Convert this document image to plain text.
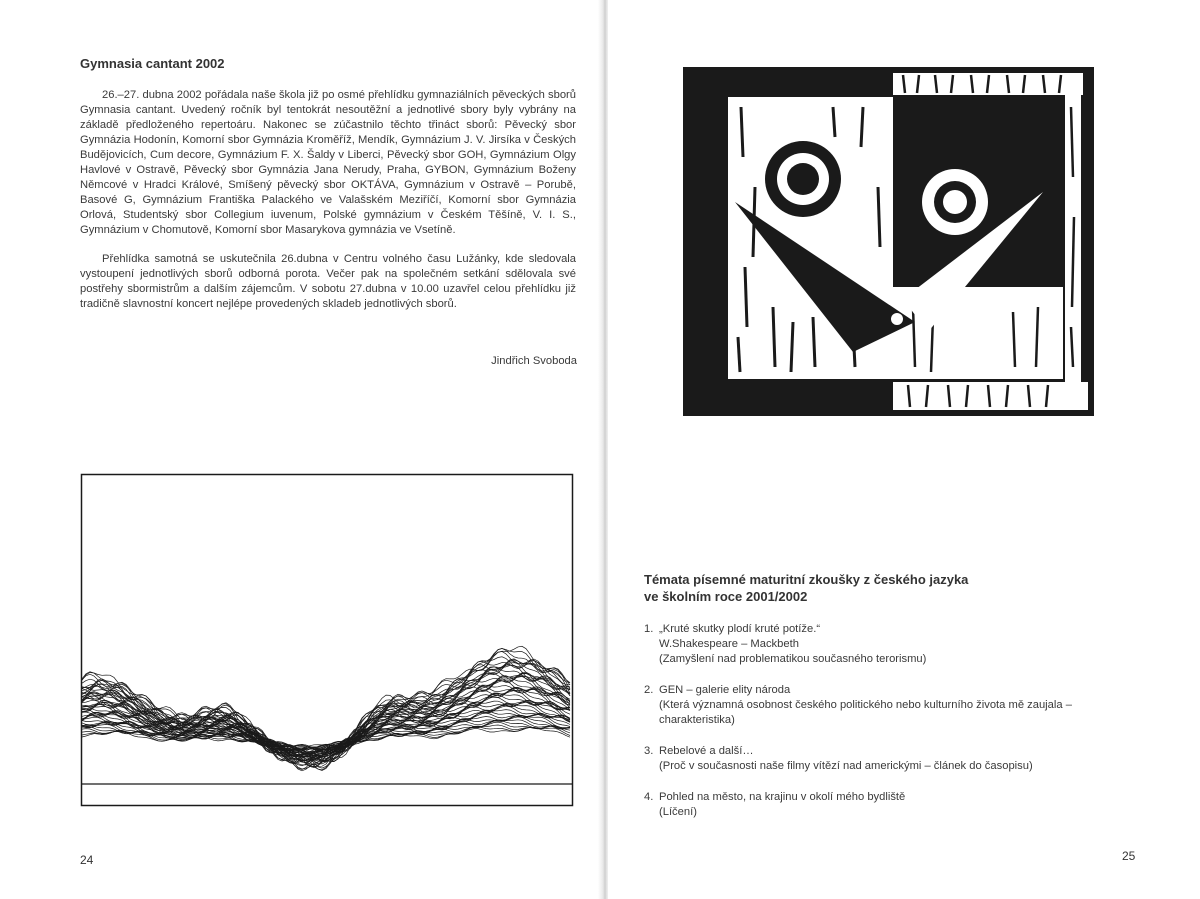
Gymnasia cantant 2002

26.–27. dubna 2002 pořádala naše škola již po osmé přehlídku gymnaziálních pěveckých sborů Gymnasia cantant. Uvedený ročník byl tentokrát nesoutěžní a jednotlivé sbory byly vybrány na základě předloženého repertoáru. Nakonec se zúčastnilo těchto třináct sborů: Pěvecký sbor Gymnázia Hodonín, Komorní sbor Gymnázia Kroměříž, Mendík, Gymnázium J. V. Jirsíka v Českých Budějovicích, Cum decore, Gymnázium F. X. Šaldy v Liberci, Pěvecký sbor GOH, Gymnázium Olgy Havlové v Ostravě, Pěvecký sbor Gymnázia Jana Nerudy, Praha, GYBON, Gymnázium Boženy Němcové v Hradci Králové, Smíšený pěvecký sbor OKTÁVA, Gymnázium v Ostravě – Porubě, Basové G, Gymnázium Františka Palackého ve Valašském Meziříčí, Komorní sbor Gymnázia Orlová, Studentský sbor Collegium iuvenum, Polské gymnázium v Českém Těšíně, V. I. S., Gymnázium v Chomutově, Komorní sbor Masarykova gymnázia ve Vsetíně.

Přehlídka samotná se uskutečnila 26.dubna v Centru volného času Lužánky, kde sledovala vystoupení jednotlivých sborů odborná porota. Večer pak na společném setkání sdělovala své postřehy sbormistrům a dalším zájemcům. V sobotu 27.dubna v 10.00 uzavřel celou přehlídku již tradičně slavnostní koncert nejlépe provedených skladeb jednotlivých sborů.

Jindřich Svoboda
24
Témata písemné maturitní zkoušky z českého jazyka
ve školním roce 2001/2002
1. „Kruté skutky plodí kruté potíže.“
W.Shakespeare – Mackbeth
(Zamyšlení nad problematikou současného terorismu)
2. GEN – galerie elity národa
(Která významná osobnost českého politického nebo kulturního života mě zaujala –
charakteristika)
3. Rebelové a další…
(Proč v současnosti naše filmy vítězí nad americkými – článek do časopisu)
4. Pohled na město, na krajinu v okolí mého bydliště
(Líčení)
25
